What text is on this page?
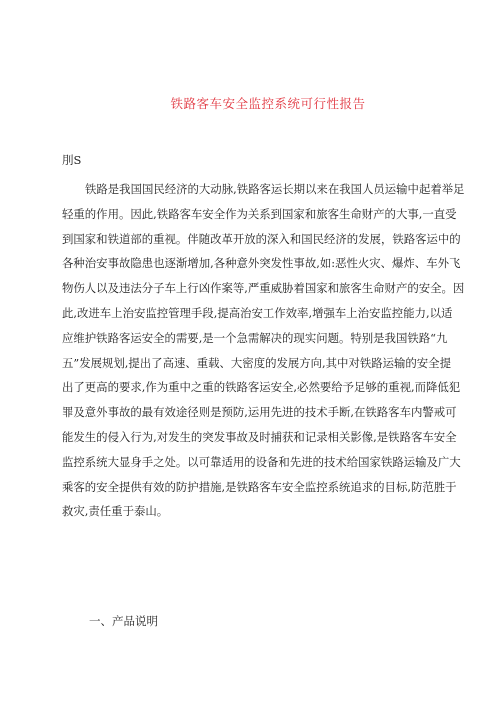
铁路客车安全监控系统可行性报告
刖S
铁路是我国国民经济的大动脉,铁路客运长期以来在我国人员运输中起着举足
轻重的作用。因此,铁路客车安全作为关系到国家和旅客生命财产的大事,一直受
到国家和铁道部的重视。伴随改革开放的深入和国民经济的发展，铁路客运中的
各种治安事故隐患也逐渐增加,各种意外突发性事故,如:恶性火灾、爆炸、车外飞
物伤人以及违法分子车上行凶作案等,严重威胁着国家和旅客生命财产的安全。因
此,改进车上治安监控管理手段,提高治安工作效率,增强车上治安监控能力,以适
应维护铁路客运安全的需要,是一个急需解决的现实问题。特别是我国铁路“九
五”发展规划,提出了高速、重载、大密度的发展方向,其中对铁路运输的安全提
出了更高的要求,作为重中之重的铁路客运安全,必然要给予足够的重视,而降低犯
罪及意外事故的最有效途径则是预防,运用先进的技术手断,在铁路客车内警戒可
能发生的侵入行为,对发生的突发事故及时捕获和记录相关影像,是铁路客车安全
监控系统大显身手之处。以可靠适用的设备和先进的技术给国家铁路运输及广大
乘客的安全提供有效的防护措施,是铁路客车安全监控系统追求的目标,防范胜于
救灾,责任重于泰山。
一、产品说明
